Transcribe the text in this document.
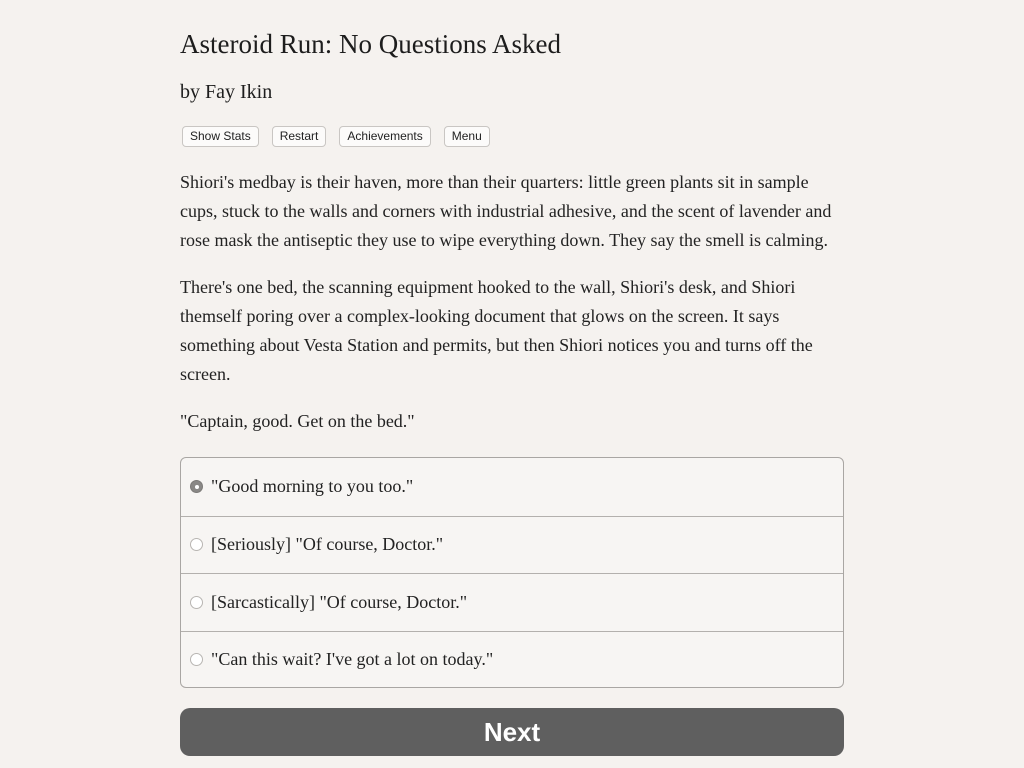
Asteroid Run: No Questions Asked
by Fay Ikin
Show Stats	Restart	Achievements	Menu

Shiori's medbay is their haven, more than their quarters: little green plants sit in sample cups, stuck to the walls and corners with industrial adhesive, and the scent of lavender and rose mask the antiseptic they use to wipe everything down. They say the smell is calming.

There's one bed, the scanning equipment hooked to the wall, Shiori's desk, and Shiori themself poring over a complex-looking document that glows on the screen. It says something about Vesta Station and permits, but then Shiori notices you and turns off the screen.

"Captain, good. Get on the bed."

"Good morning to you too."
[Seriously] "Of course, Doctor."
[Sarcastically] "Of course, Doctor."
"Can this wait? I've got a lot on today."
Next
